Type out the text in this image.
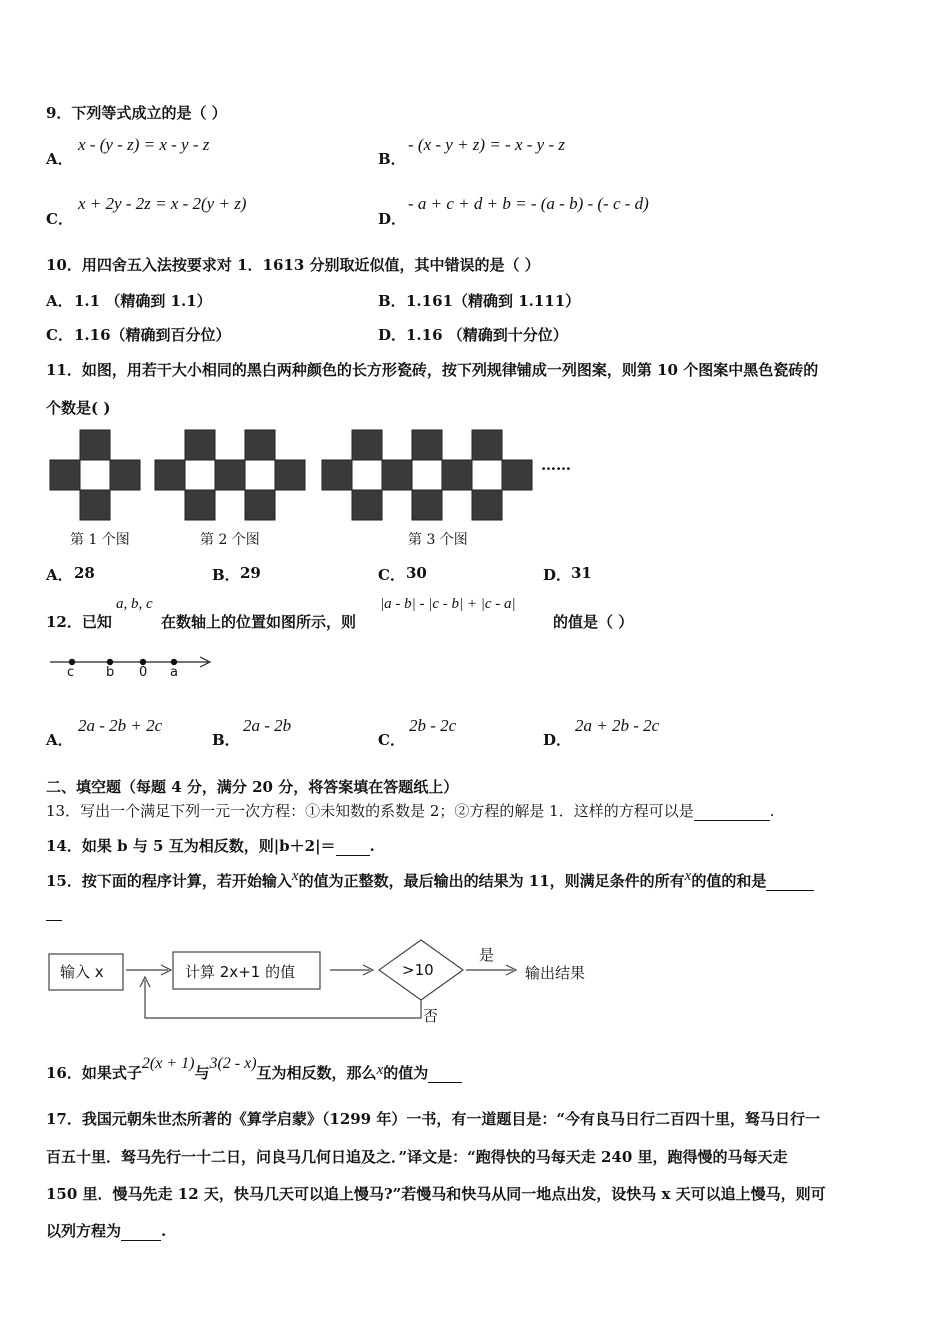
9．下列等式成立的是（ ）
A．
x - (y - z) = x - y - z
B．
- (x - y + z) = - x - y - z
C．
x + 2y - 2z = x - 2(y + z)
D．
- a + c + d + b = - (a - b) - (- c - d)
10．用四舍五入法按要求对 1．1613 分别取近似值，其中错误的是（ ）
A． 1.1 （精确到 1.1）	B． 1.161（精确到 1.111）
C． 1.16（精确到百分位）	D． 1.16 （精确到十分位）
11．如图，用若干大小相同的黑白两种颜色的长方形瓷砖，按下列规律铺成一列图案，则第 10 个图案中黑色瓷砖的
个数是( )
……
第 1 个图	第 2 个图	第 3 个图
A． 28	B． 29	C． 30	D． 31
12．已知
a, b, c
在数轴上的位置如图所示，则
|a - b| - |c - b| + |c - a|
的值是（ ）
c b 0 a
A．
2a - 2b + 2c
B．
2a - 2b
C．
2b - 2c
D．
2a + 2b - 2c
二、填空题（每题 4 分，满分 20 分，将答案填在答题纸上）
13．写出一个满足下列一元一次方程：①未知数的系数是 2；②方程的解是 1．这样的方程可以是	.
14．如果 b 与 5 互为相反数，则|b＋2|＝ .
15．按下面的程序计算，若开始输入x的值为正整数，最后输出的结果为 11，则满足条件的所有x的值的和是
输入 x	计算 2x+1 的值	>10
是
输出结果
否
16．如果式子2(x + 1)与3(2 - x)互为相反数，那么x的值为
17．我国元朝朱世杰所著的《算学启蒙》（1299 年）一书，有一道题目是：“今有良马日行二百四十里，驽马日行一
百五十里．驽马先行一十二日，问良马几何日追及之．”译文是：“跑得快的马每天走 240 里，跑得慢的马每天走
150 里．慢马先走 12 天，快马几天可以追上慢马?”若慢马和快马从同一地点出发，设快马 x 天可以追上慢马，则可
以列方程为	.
